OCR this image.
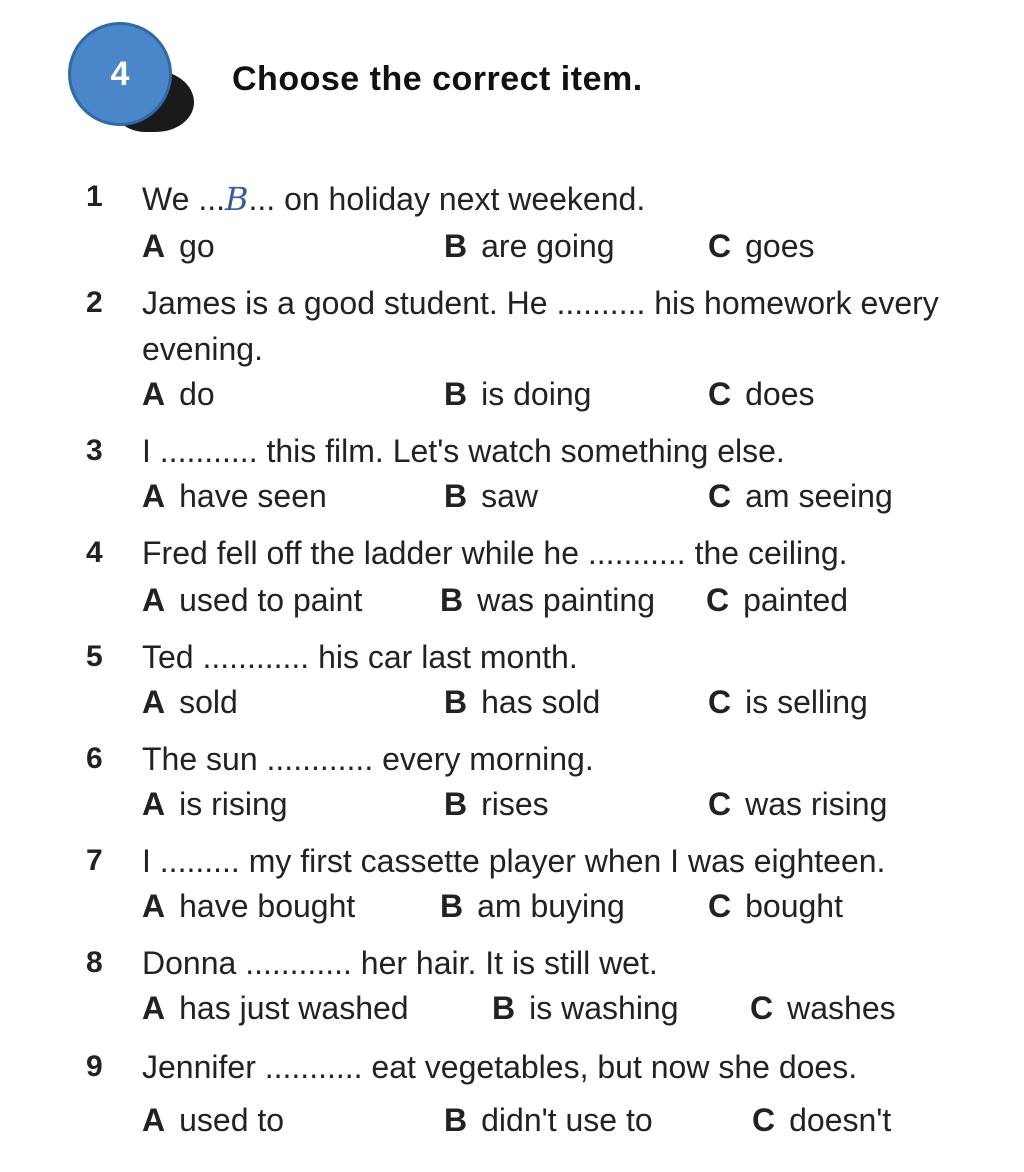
4	Choose the correct item.
1 We ...B... on holiday next weekend.
A go	B are going	C goes
2 James is a good student. He .......... his homework every evening.
A do	B is doing	C does
3 I ........... this film. Let's watch something else.
A have seen	B saw	C am seeing
4 Fred fell off the ladder while he ........... the ceiling.
A used to paint B was painting C painted
5 Ted ............ his car last month.
A sold	B has sold	C is selling
6 The sun ............ every morning.
A is rising	B rises	C was rising
7 I ......... my first cassette player when I was eighteen.
A have bought	B am buying	C bought
8 Donna ............ her hair. It is still wet.
A has just washed	B is washing C washes
9 Jennifer ........... eat vegetables, but now she does.
A used to	B didn't use to	C doesn't
